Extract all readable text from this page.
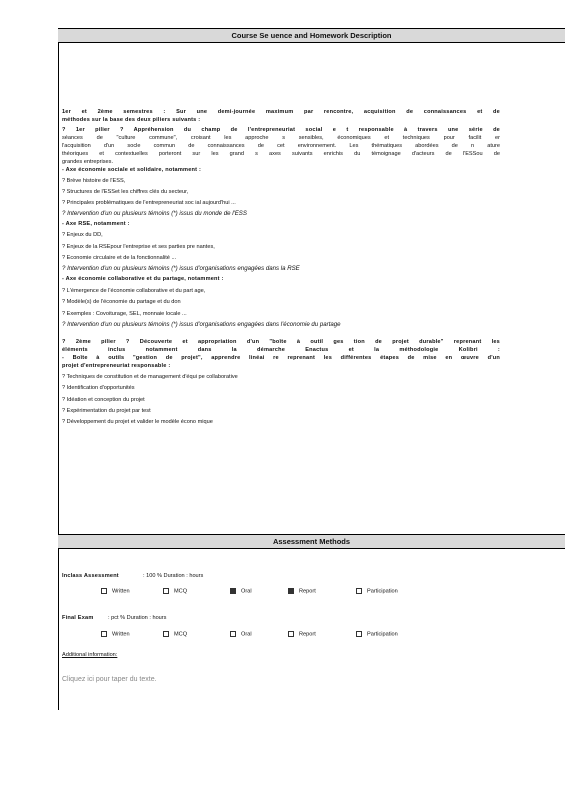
Course Se uence and Homework Description
1er et 2ème semestres : Sur une demi-journée maximum par rencontre, acquisition de connaissances et de
méthodes sur la base des deux piliers suivants :
? 1er pilier ? Appréhension du champ de l'entrepreneuriat social e t responsable à travers une série de
séances de "culture commune", croisant les approche s sensibles, économiques et techniques pour facilit er
l'acquisition d'un socle commun de connaissances de cet environnement. Les thématiques abordées de n ature
théoriques et contextuelles porteront sur les grand s axes suivants enrichis du témoignage d'acteurs de l'ESSou de
grandes entreprises.
- Axe économie sociale et solidaire, notamment :
? Brève histoire de l'ESS,
? Structures de l'ESSet les chiffres clés du secteur,
? Principales problématiques de l'entrepreneuriat soc ial aujourd'hui ...
? Intervention d'un ou plusieurs témoins (*) issus du monde de l'ESS
- Axe RSE, notamment :
? Enjeux du DD,
? Enjeux de la RSEpour l'entreprise et ses parties pre nantes,
? Economie circulaire et de la fonctionnalité ...
? Intervention d'un ou plusieurs témoins (*) issus d'organisations engagées dans la RSE
- Axe économie collaborative et du partage, notamment :
? L'émergence de l'économie collaborative et du part age,
? Modèle(s) de l'économie du partage et du don
? Exemples : Covoiturage, SEL, monnaie locale ...
? Intervention d'un ou plusieurs témoins (*) issus d'organisations engagées dans l'économie du partage
? 2ème pilier ? Découverte et appropriation d'un "boîte à outil ges tion de projet durable" reprenant les
éléments inclus notamment dans la démarche Enactus et la méthodologie Kolibri :
- Boîte à outils "gestion de projet", apprendre linéai re reprenant les différentes étapes de mise en œuvre d'un
projet d'entrepreneuriat responsable :
? Techniques de constitution et de management d'équi pe collaborative
? Identification d'opportunités
? Idéation et conception du projet
? Expérimentation du projet par test
? Développement du projet et valider le modèle écono mique
Assessment Methods
Inclass Assessment	: 100 % Duration : hours
Written	MCQ	Oral	Report	Participation
Final Exam	: pct % Duration : hours
Written	MCQ	Oral	Report	Participation
Additional information:
Cliquez ici pour taper du texte.
